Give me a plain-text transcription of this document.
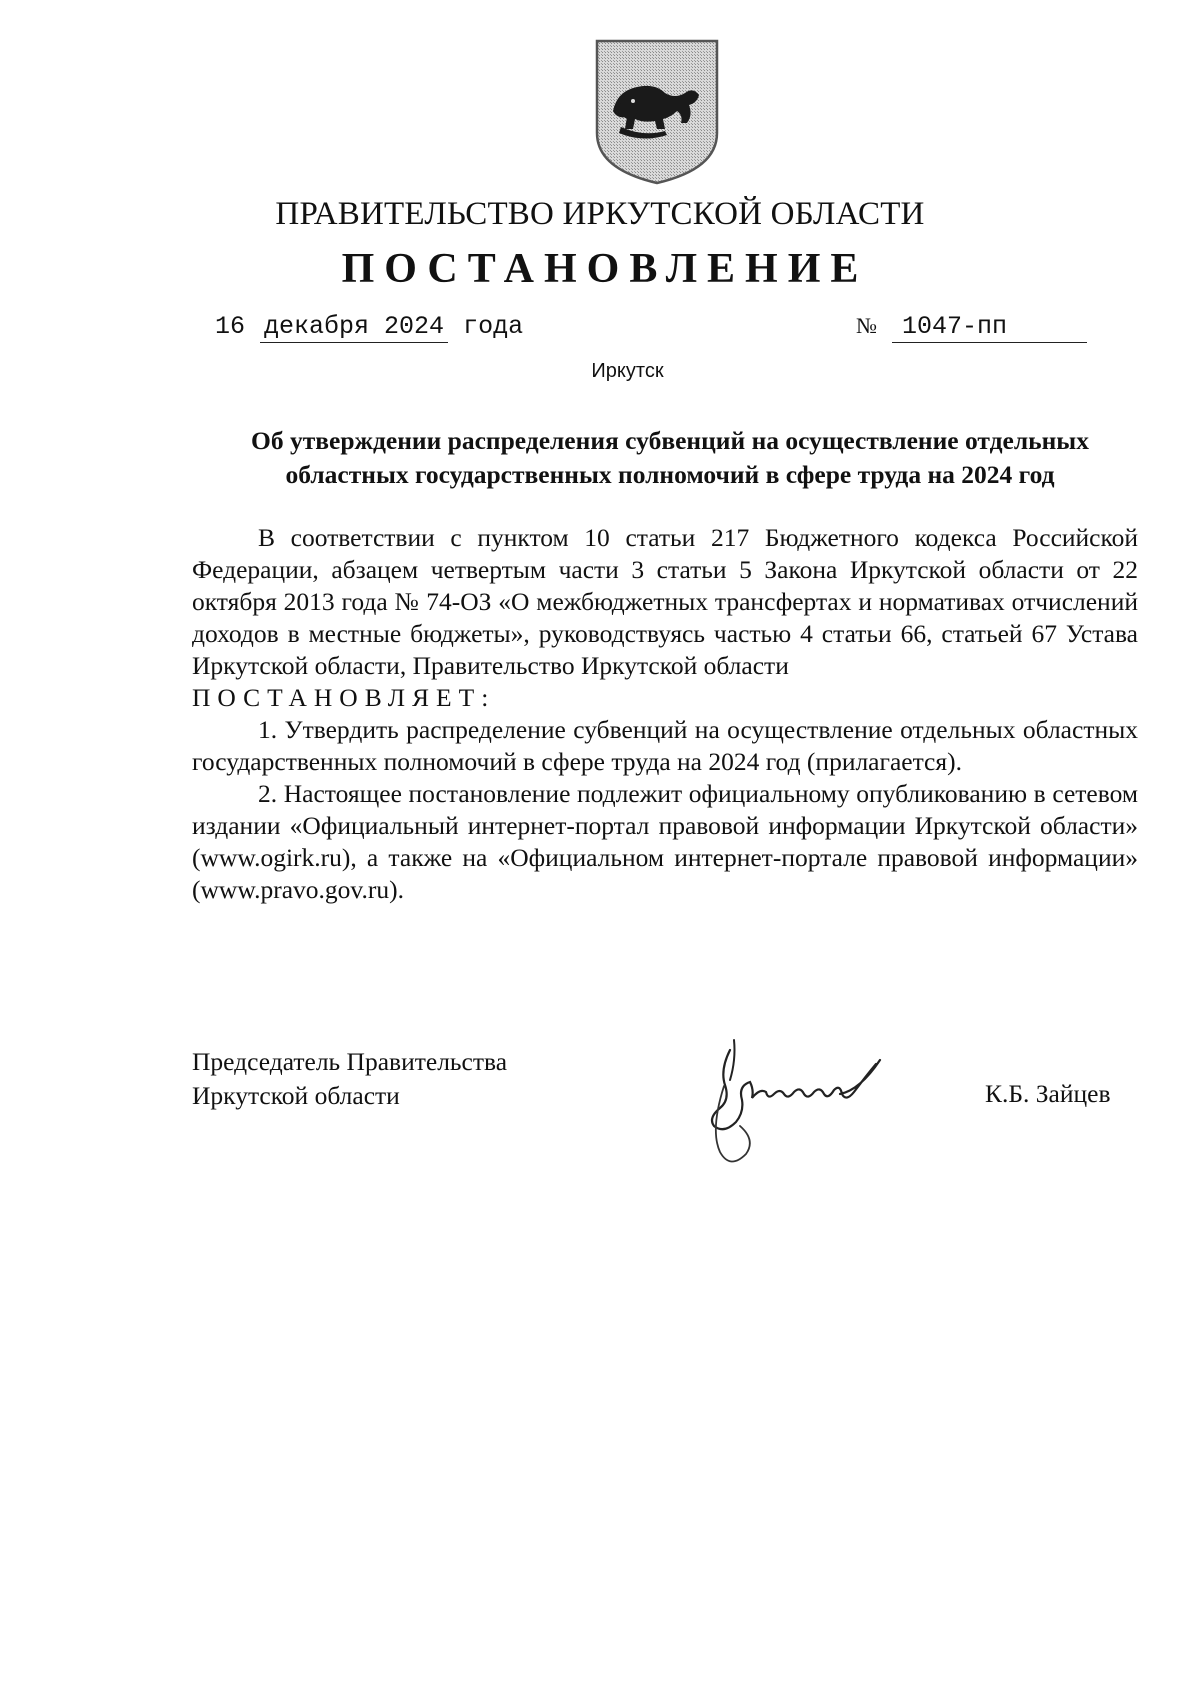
ПРАВИТЕЛЬСТВО ИРКУТСКОЙ ОБЛАСТИ
ПОСТАНОВЛЕНИЕ
16 декабря 2024 года	№ 1047-пп
Иркутск
Об утверждении распределения субвенций на осуществление отдельных
областных государственных полномочий в сфере труда на 2024 год

В соответствии с пунктом 10 статьи 217 Бюджетного кодекса Российской Федерации, абзацем четвертым части 3 статьи 5 Закона Иркутской области от 22 октября 2013 года № 74-ОЗ «О межбюджетных трансфертах и нормативах отчислений доходов в местные бюджеты», руководствуясь частью 4 статьи 66, статьей 67 Устава Иркутской области, Правительство Иркутской области

ПОСТАНОВЛЯЕТ:

1. Утвердить распределение субвенций на осуществление отдельных областных государственных полномочий в сфере труда на 2024 год (прилагается).

2. Настоящее постановление подлежит официальному опубликованию в сетевом издании «Официальный интернет-портал правовой информации Иркутской области» (www.ogirk.ru), а также на «Официальном интернет-портале правовой информации» (www.pravo.gov.ru).

Председатель Правительства
Иркутской области	К.Б. Зайцев
